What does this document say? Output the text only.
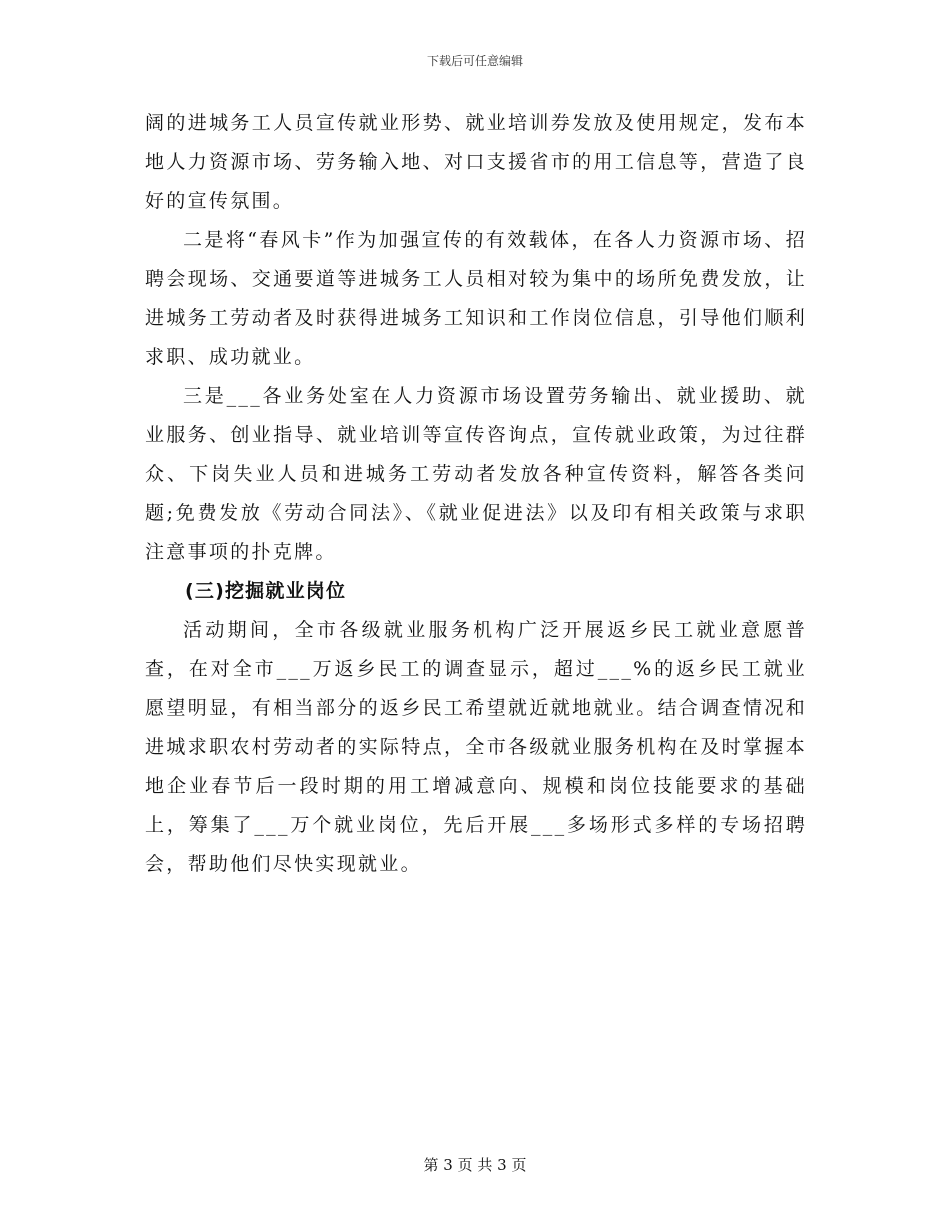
下载后可任意编辑

阔的进城务工人员宣传就业形势、就业培训券发放及使用规定，发布本地人力资源市场、劳务输入地、对口支援省市的用工信息等，营造了良好的宣传氛围。

二是将“春风卡”作为加强宣传的有效载体，在各人力资源市场、招聘会现场、交通要道等进城务工人员相对较为集中的场所免费发放，让进城务工劳动者及时获得进城务工知识和工作岗位信息，引导他们顺利求职、成功就业。

三是___各业务处室在人力资源市场设置劳务输出、就业援助、就业服务、创业指导、就业培训等宣传咨询点，宣传就业政策，为过往群众、下岗失业人员和进城务工劳动者发放各种宣传资料，解答各类问题;免费发放《劳动合同法》、《就业促进法》以及印有相关政策与求职注意事项的扑克牌。

(三)挖掘就业岗位

活动期间，全市各级就业服务机构广泛开展返乡民工就业意愿普查，在对全市___万返乡民工的调查显示，超过___%的返乡民工就业愿望明显，有相当部分的返乡民工希望就近就地就业。结合调查情况和进城求职农村劳动者的实际特点，全市各级就业服务机构在及时掌握本地企业春节后一段时期的用工增减意向、规模和岗位技能要求的基础上，筹集了___万个就业岗位，先后开展___多场形式多样的专场招聘会，帮助他们尽快实现就业。

第 3 页 共 3 页
